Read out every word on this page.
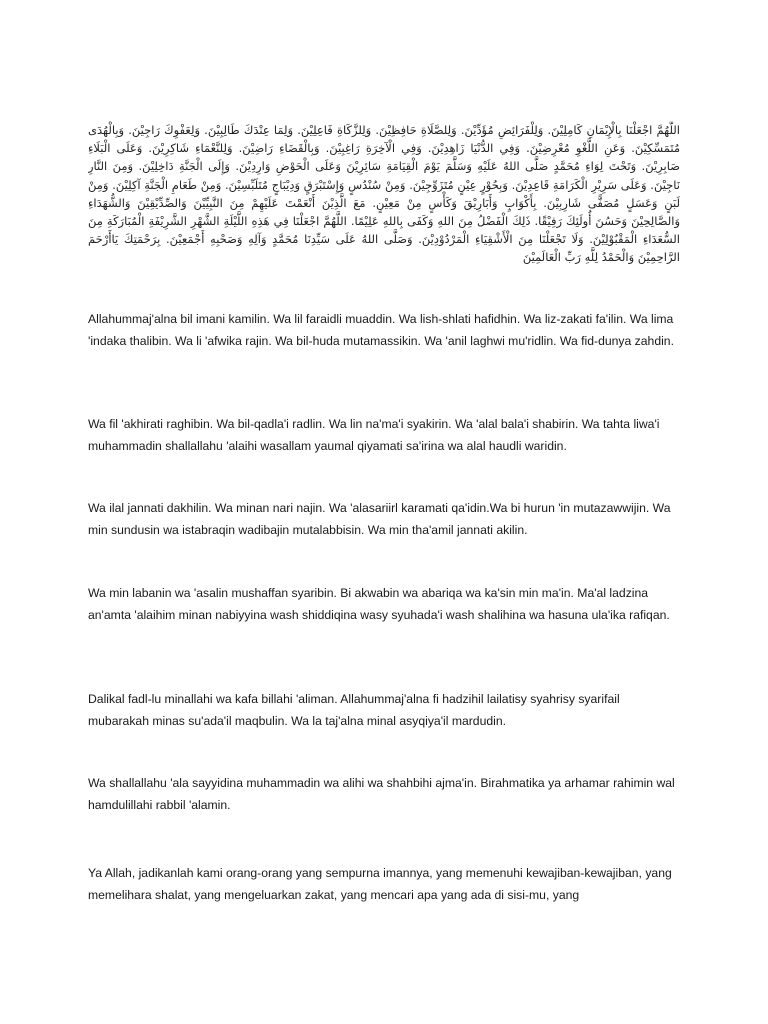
اللَّهُمَّ اجْعَلْنَا بِالْإِيْمَانِ كَامِلِيْنَ. وَلِلْفَرَائِضِ مُؤَدِّيْنَ. وَلِلصَّلَاةِ حَافِظِيْنَ. وَلِلزَّكَاةِ فَاعِلِيْنَ. وَلِمَا عِنْدَكَ طَالِبِيْنَ. وَلِعَفْوِكَ رَاجِيْنَ. وَبِالْهُدَى مُتَمَسِّكِيْنَ. وَعَنِ اللَّغْوِ مُعْرِضِيْنَ. وَفِي الدُّنْيَا زَاهِدِيْنَ. وَفِي الْآخِرَةِ رَاغِبِيْنَ. وَبِالْقَضَاءِ رَاضِيْنَ. وَلِلنَّعْمَاءِ شَاكِرِيْنَ. وَعَلَى الْبَلَاءِ صَابِرِيْنَ. وَتَحْتَ لِوَاءِ مُحَمَّدٍ صَلَّى اللهُ عَلَيْهِ وَسَلَّمَ يَوْمَ الْقِيَامَةِ سَائِرِيْنَ وَعَلَى الْحَوْضِ وَارِدِيْنَ. وَإِلَى الْجَنَّةِ دَاخِلِيْنَ. وَمِنَ النَّارِ نَاجِيْنَ. وَعَلَى سَرِيْرِ الْكَرَامَةِ قَاعِدِيْنَ. وَبِحُوْرٍ عِيْنٍ مُتَزَوِّجِيْنَ. وَمِنْ سُنْدُسٍ وَإِسْتَبْرَقٍ وَدِيْبَاجٍ مُتَلَبِّسِيْنَ. وَمِنْ طَعَامِ الْجَنَّةِ آكِلِيْنَ. وَمِنْ لَبَنٍ وَعَسَلٍ مُصَفًّى شَارِبِيْنَ. بِأَكْوَابٍ وَأَبَارِيْقَ وَكَأْسٍ مِنْ مَعِيْنٍ. مَعَ الَّذِيْنَ أَنْعَمْتَ عَلَيْهِمْ مِنَ النَّبِيِّيْنَ وَالصِّدِّيْقِيْنَ وَالشُّهَدَاءِ وَالصَّالِحِيْنَ وَحَسُنَ أُولَئِكَ رَفِيْقًا. ذَلِكَ الْفَضْلُ مِنَ اللهِ وَكَفَى بِاللهِ عَلِيْمًا. اللَّهُمَّ اجْعَلْنَا فِي هَذِهِ اللَّيْلَةِ الشَّهْرِ الشَّرِيْفَةِ الْمُبَارَكَةِ مِنَ السُّعَدَاءِ الْمَقْبُوْلِيْنَ. وَلَا تَجْعَلْنَا مِنَ الْأَشْقِيَاءِ الْمَرْدُوْدِيْنَ. وَصَلَّى اللهُ عَلَى سَيِّدِنَا مُحَمَّدٍ وَآلِهِ وَصَحْبِهِ أَجْمَعِيْنَ. بِرَحْمَتِكَ يَاأَرْحَمَ الرَّاحِمِيْنَ وَالْحَمْدُ لِلَّهِ رَبِّ الْعَالَمِيْنَ

Allahummaj'alna bil imani kamilin. Wa lil faraidli muaddin. Wa lish-shlati hafidhin. Wa liz-zakati fa'ilin. Wa lima 'indaka thalibin. Wa li 'afwika rajin. Wa bil-huda mutamassikin. Wa 'anil laghwi mu'ridlin. Wa fid-dunya zahdin.

Wa fil 'akhirati raghibin. Wa bil-qadla'i radlin. Wa lin na'ma'i syakirin. Wa 'alal bala'i shabirin. Wa tahta liwa'i muhammadin shallallahu 'alaihi wasallam yaumal qiyamati sa'irina wa alal haudli waridin.

Wa ilal jannati dakhilin. Wa minan nari najin. Wa 'alasariirl karamati qa'idin.Wa bi hurun 'in mutazawwijin. Wa min sundusin wa istabraqin wadibajin mutalabbisin. Wa min tha'amil jannati akilin.

Wa min labanin wa 'asalin mushaffan syaribin. Bi akwabin wa abariqa wa ka'sin min ma'in. Ma'al ladzina an'amta 'alaihim minan nabiyyina wash shiddiqina wasy syuhada'i wash shalihina wa hasuna ula'ika rafiqan.

Dalikal fadl-lu minallahi wa kafa billahi 'aliman. Allahummaj'alna fi hadzihil lailatisy syahrisy syarifail mubarakah minas su'ada'il maqbulin. Wa la taj'alna minal asyqiya'il mardudin.

Wa shallallahu 'ala sayyidina muhammadin wa alihi wa shahbihi ajma'in. Birahmatika ya arhamar rahimin wal hamdulillahi rabbil 'alamin.

Ya Allah, jadikanlah kami orang-orang yang sempurna imannya, yang memenuhi kewajiban-kewajiban, yang memelihara shalat, yang mengeluarkan zakat, yang mencari apa yang ada di sisi-mu, yang
